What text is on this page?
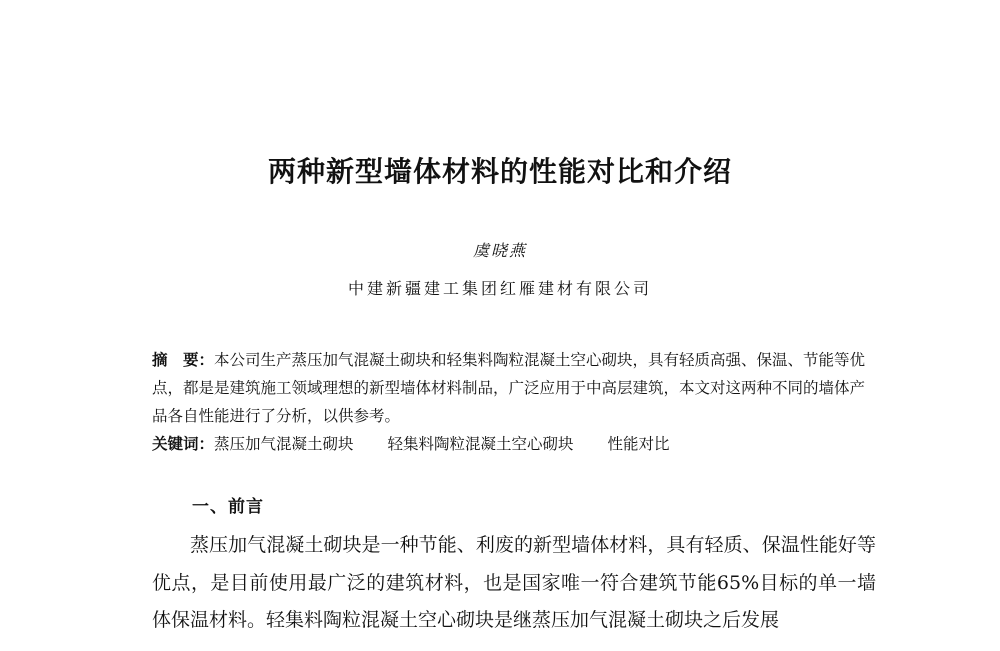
两种新型墙体材料的性能对比和介绍
虞晓燕
中建新疆建工集团红雁建材有限公司
摘　要：本公司生产蒸压加气混凝土砌块和轻集料陶粒混凝土空心砌块，具有轻质高强、保温、节能等优点，都是是建筑施工领域理想的新型墙体材料制品，广泛应用于中高层建筑，本文对这两种不同的墙体产品各自性能进行了分析，以供参考。
关键词：蒸压加气混凝土砌块 轻集料陶粒混凝土空心砌块 性能对比
一、前言
蒸压加气混凝土砌块是一种节能、利废的新型墙体材料，具有轻质、保温性能好等优点，是目前使用最广泛的建筑材料，也是国家唯一符合建筑节能65%目标的单一墙体保温材料。轻集料陶粒混凝土空心砌块是继蒸压加气混凝土砌块之后发展
